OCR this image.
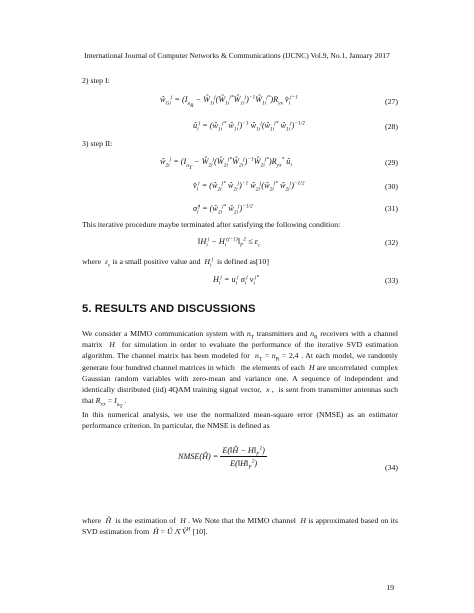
International Journal of Computer Networks & Communications (IJCNC) Vol.9, No.1, January 2017
2) step I:
$ŵ_{Gi}^j = (I_{n_R}$ − $Ŵ_{1i}^j(Ŵ_{1i}^{j*}Ŵ_{1i}^j)^{-1}Ŵ_{1i}^{j*})R_{yx}$ $v̂_i^{j-1}$	(27)
$û_i^j$ = ($ŵ_{1i}^{j*}$ $ŵ_{1i}^j)^{-1}$ $ŵ_{1i}^j(ŵ_{1i}^{j*}$ $ŵ_{1i}^j)^{-1/2}$	(28)
3) step II:
$ŵ_{2i}^j = (I_{n_T}$ − $Ŵ_{2i}^j(Ŵ_{2i}^{j*}Ŵ_{2i}^j)^{-1}Ŵ_{2i}^{j*})R_{yx}^*$ $û_i$	(29)
$v̂_i^j$ = ($ŵ_{2i}^{j*}$ $ŵ_{2i}^j)^{-1}$ $ŵ_{2i}^j(ŵ_{2i}^{j*}$ $ŵ_{2i}^j)^{-1/2}$	(30)
$\sigmâ_i^j$ = ($ŵ_{2i}^{j*}$ $ŵ_{2i}^j)^{-1/2}$	(31)
This iterative procedure maybe terminated after satisfying the following condition:
$‖H_i^j$ − $H_i^{(j-1)}‖_F^2 \le \varepsilon_c$	(32)
where  $\varepsilon_c$ is a small positive value and  $H_i^j$  is defined as[10]
$H_i^j = u_i^j$ $\sigma_i^j$ $v_i^{j*}$	(33)
5. RESULTS AND DISCUSSIONS
We consider a MIMO communication system with $n_T$ transmitters and $n_R$ receivers with a channel matrix  H  for simulation in order to evaluate the performance of the iterative SVD estimation algorithm. The channel matrix has been modeled for  $n_T = n_R = 2,4$ . At each model, we randomly generate four hundred channel matrices in which   the elements of each  H are uncorrelated  complex Gaussian random variables with zero-mean and variance one. A sequence of independent and identically distributed (iid) 4QAM training signal vector,  x ,  is sent from transmitter antennas such that $R_{xx} = I_{n_T}$ .
In this numerical analysis, we use the normalized mean-square error (NMSE) as an estimator performance criterion. In particular, the NMSE is defined as
NMSE(Ĥ) = $\frac{E(‖Ĥ - H‖_F^2)}{E(‖H‖_F^2)}$	(34)
where  Ĥ  is the estimation of  H . We Note that the MIMO channel  H is approximated based on its SVD estimation from  Ĥ = Û Λ̂ V̂$^H$ [10].
19
